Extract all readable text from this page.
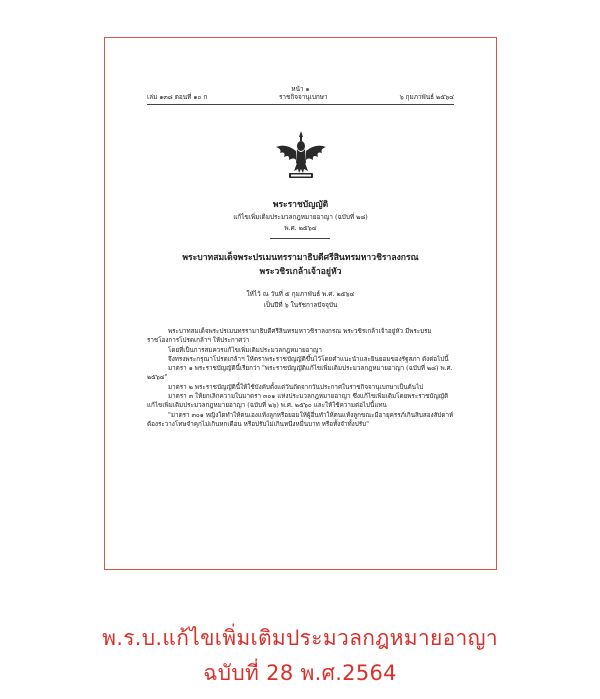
หน้า ๑
เล่ม ๑๓๘ ตอนที่ ๑๐ ก	ราชกิจจานุเบกษา	๖ กุมภาพันธ์ ๒๕๖๔
พระราชบัญญัติ
แก้ไขเพิ่มเติมประมวลกฎหมายอาญา (ฉบับที่ ๒๘)
พ.ศ. ๒๕๖๔
พระบาทสมเด็จพระปรเมนทรรามาธิบดีศรีสินทรมหาวชิราลงกรณ
พระวชิรเกล้าเจ้าอยู่หัว
ให้ไว้ ณ วันที่ ๕ กุมภาพันธ์ พ.ศ. ๒๕๖๔
เป็นปีที่ ๖ ในรัชกาลปัจจุบัน

พระบาทสมเด็จพระปรเมนทรรามาธิบดีศรีสินทรมหาวชิราลงกรณ พระวชิรเกล้าเจ้าอยู่หัว มีพระบรมราชโองการโปรดเกล้าฯ ให้ประกาศว่า

โดยที่เป็นการสมควรแก้ไขเพิ่มเติมประมวลกฎหมายอาญา

จึงทรงพระกรุณาโปรดเกล้าฯ ให้ตราพระราชบัญญัติขึ้นไว้โดยคำแนะนำและยินยอมของรัฐสภา ดังต่อไปนี้

มาตรา ๑ พระราชบัญญัตินี้เรียกว่า "พระราชบัญญัติแก้ไขเพิ่มเติมประมวลกฎหมายอาญา (ฉบับที่ ๒๘) พ.ศ. ๒๕๖๔"

มาตรา ๒ พระราชบัญญัตินี้ให้ใช้บังคับตั้งแต่วันถัดจากวันประกาศในราชกิจจานุเบกษาเป็นต้นไป

มาตรา ๓ ให้ยกเลิกความในมาตรา ๓๐๑ แห่งประมวลกฎหมายอาญา ซึ่งแก้ไขเพิ่มเติมโดยพระราชบัญญัติแก้ไขเพิ่มเติมประมวลกฎหมายอาญา (ฉบับที่ ๒๖) พ.ศ. ๒๕๖๐ และให้ใช้ความต่อไปนี้แทน

"มาตรา ๓๐๑ หญิงใดทำให้ตนเองแท้งลูกหรือยอมให้ผู้อื่นทำให้ตนแท้งลูกขณะมีอายุครรภ์เกินสิบสองสัปดาห์ ต้องระวางโทษจำคุกไม่เกินหกเดือน หรือปรับไม่เกินหนึ่งหมื่นบาท หรือทั้งจำทั้งปรับ"

พ.ร.บ.แก้ไขเพิ่มเติมประมวลกฎหมายอาญา
ฉบับที่ 28 พ.ศ.2564
